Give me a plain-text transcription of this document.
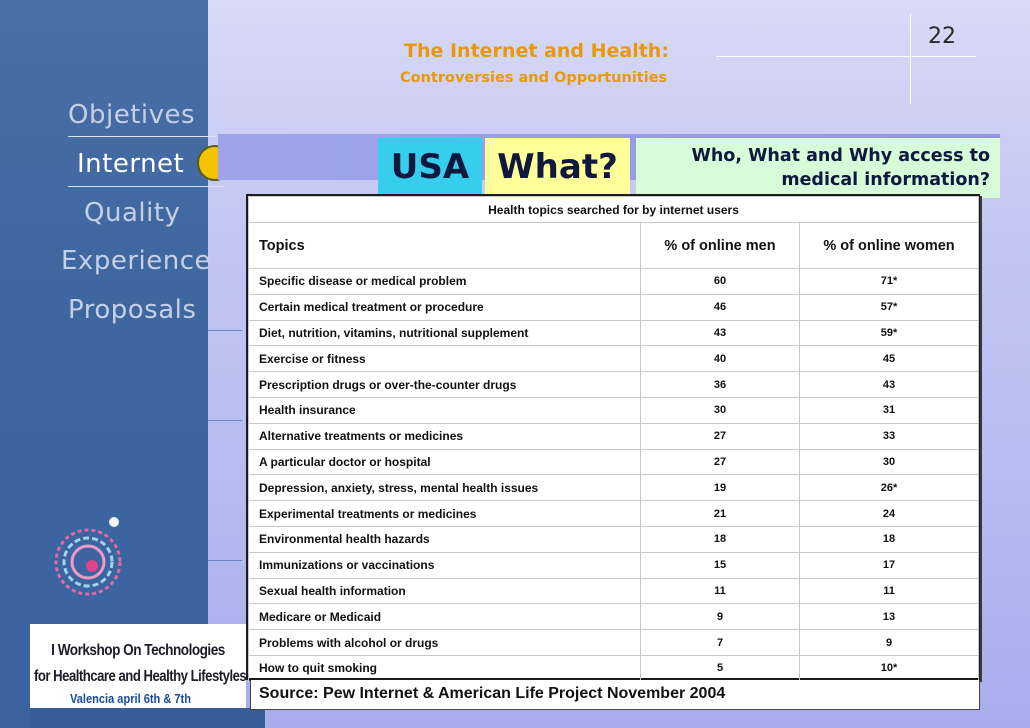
Objetives
Internet
Quality
Experience
Proposals
I Workshop On Technologies
for Healthcare and Healthy Lifestyles
Valencia april 6th & 7th
The Internet and Health:
Controversies and Opportunities
22
USA What?	Who, What and Why access to
medical information?
Health topics searched for by internet users		
Topics	% of online men	% of online women
Specific disease or medical problem	60	71*
Certain medical treatment or procedure	46	57*
Diet, nutrition, vitamins, nutritional supplement	43	59*
Exercise or fitness	40	45
Prescription drugs or over-the-counter drugs	36	43
Health insurance	30	31
Alternative treatments or medicines	27	33
A particular doctor or hospital	27	30
Depression, anxiety, stress, mental health issues	19	26*
Experimental treatments or medicines	21	24
Environmental health hazards	18	18
Immunizations or vaccinations	15	17
Sexual health information	11	11
Medicare or Medicaid	9	13
Problems with alcohol or drugs	7	9
How to quit smoking	5	10*
Source: Pew Internet & American Life Project November 2004
